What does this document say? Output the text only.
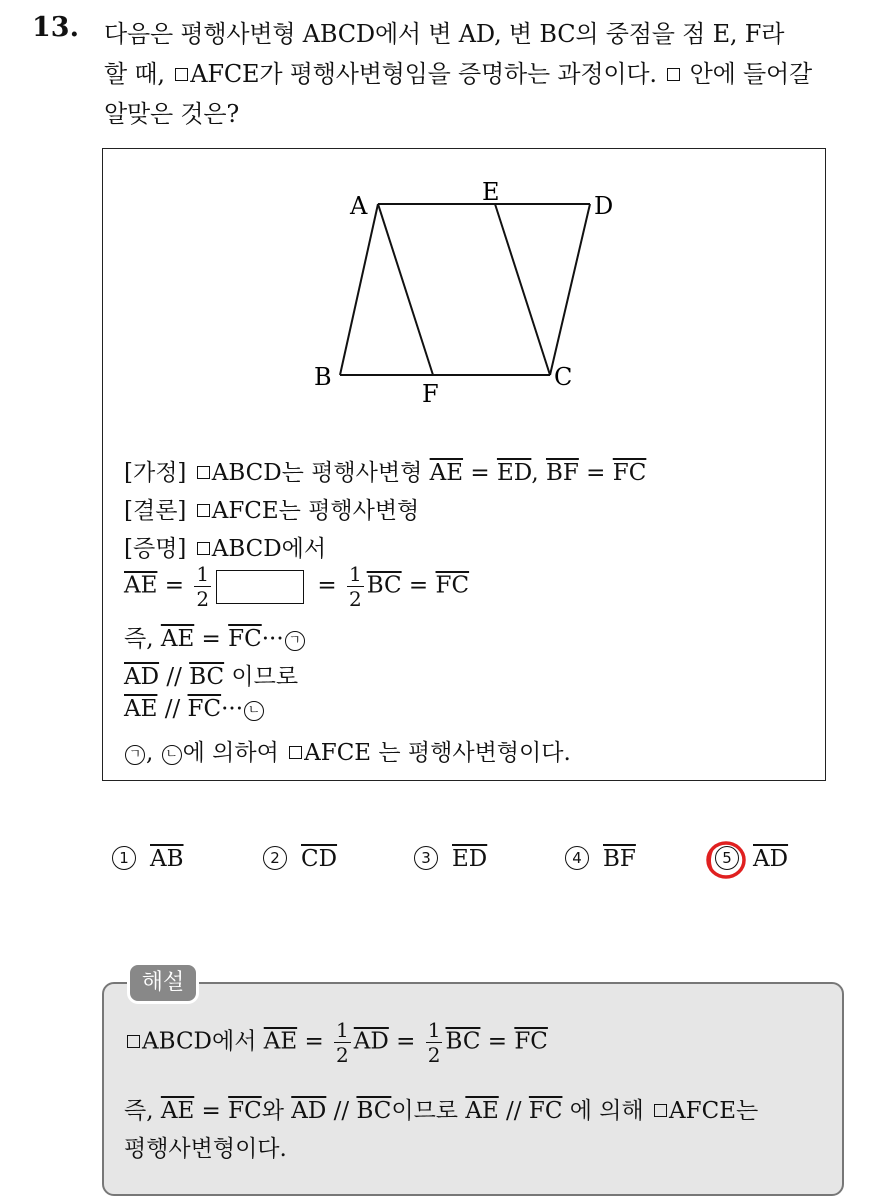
13. 다음은 평행사변형 ABCD에서 변 AD, 변 BC의 중점을 점 E, F라
할 때, AFCE가 평행사변형임을 증명하는 과정이다.  안에 들어갈
알맞은 것은?
A	E	D
B
F
C
[가정] ABCD는 평행사변형 $\overline{AE} = \overline{ED}$, $\overline{BF} = \overline{FC}$
[결론] AFCE는 평행사변형
[증명] ABCD에서
$\overline{AE} = \frac{1}{2}$	= $\frac{1}{2} \overline{BC} = \overline{FC}$
즉, $\overline{AE} = \overline{FC}\cdot\cdot\cdot$ ㄱ
$\overline{AD} // \overline{BC}$ 이므로
$\overline{AE} // \overline{FC}\cdot\cdot\cdot$ ㄴ
ㄱ , ㄴ 에 의하여 AFCE 는 평행사변형이다.
1 $\overline{AB}$	2 $\overline{CD}$	3 $\overline{ED}$	4 $\overline{BF}$	5 $\overline{AD}$
해설
ABCD에서 $\overline{AE} = \frac{1}{2} \overline{AD} = \frac{1}{2} \overline{BC} = \overline{FC}$
즉, $\overline{AE} = \overline{FC}$와 $\overline{AD} // \overline{BC}$이므로 $\overline{AE} // \overline{FC}$ 에 의해 AFCE는
평행사변형이다.
